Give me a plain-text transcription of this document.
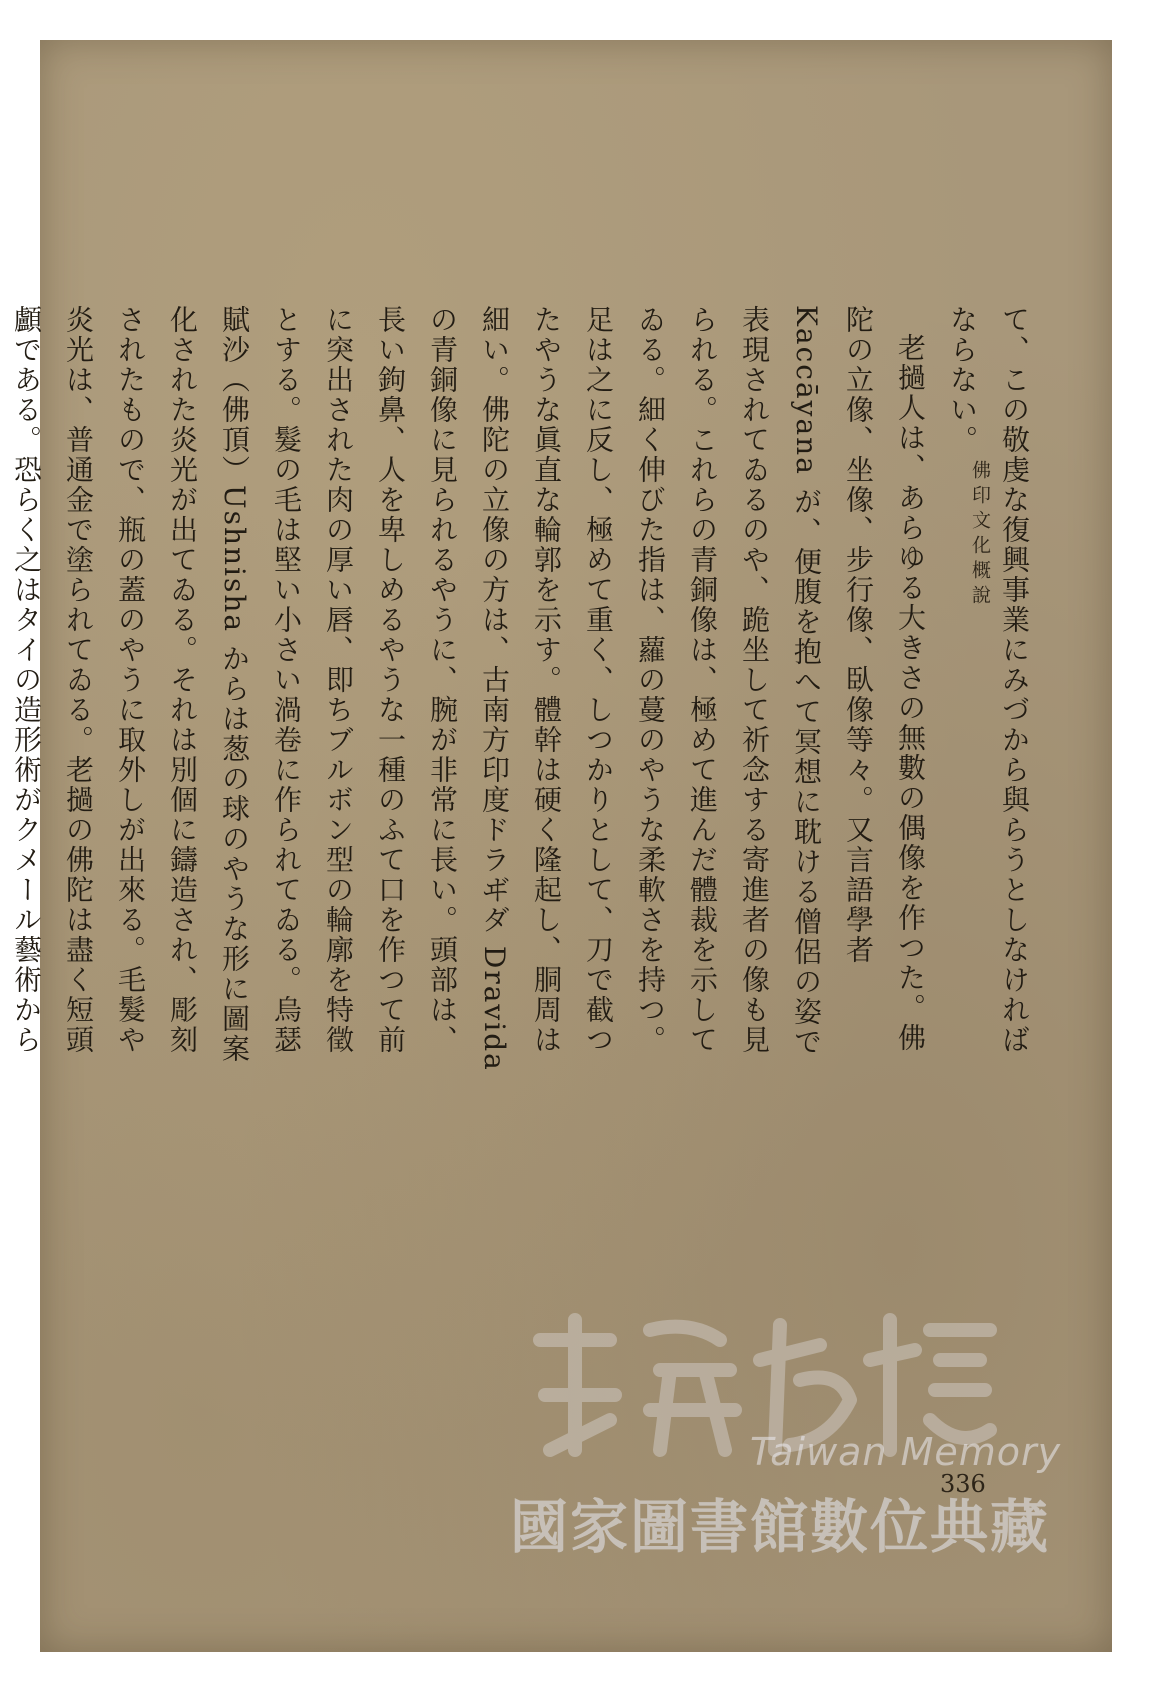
佛印文化概說 て、この敬虔な復興事業にみづから與らうとしなければならない。

老撾人は、あらゆる大きさの無數の偶像を作つた。佛陀の立像、坐像、步行像、臥像等々。又言語學者 Kaccāyana が、便腹を抱へて冥想に耽ける僧侶の姿で表現されてゐるのや、跪坐して祈念する寄進者の像も見られる。これらの青銅像は、極めて進んだ體裁を示してゐる。細く伸びた指は、蘿の蔓のやうな柔軟さを持つ。足は之に反し、極めて重く、しつかりとして、刀で截つたやうな眞直な輪郭を示す。體幹は硬く隆起し、胴周は細い。佛陀の立像の方は、古南方印度ドラヸダ Dravida の青銅像に見られるやうに、腕が非常に長い。頭部は、長い鉤鼻、人を卑しめるやうな一種のふて口を作つて前に突出された肉の厚い唇、即ちブルボン型の輪廓を特徵とする。髮の毛は堅い小さい渦卷に作られてゐる。烏瑟賦沙（佛頂）Ushnisha からは葱の球のやうな形に圖案化された炎光が出てゐる。それは別個に鑄造され、彫刻されたもので、瓶の蓋のやうに取外しが出來る。毛髮や炎光は、普通金で塗られてゐる。老撾の佛陀は盡く短頭顱である。恐らく之はタイの造形術がクメール藝術から

336
Taiwan Memory
國家圖書館數位典藏
